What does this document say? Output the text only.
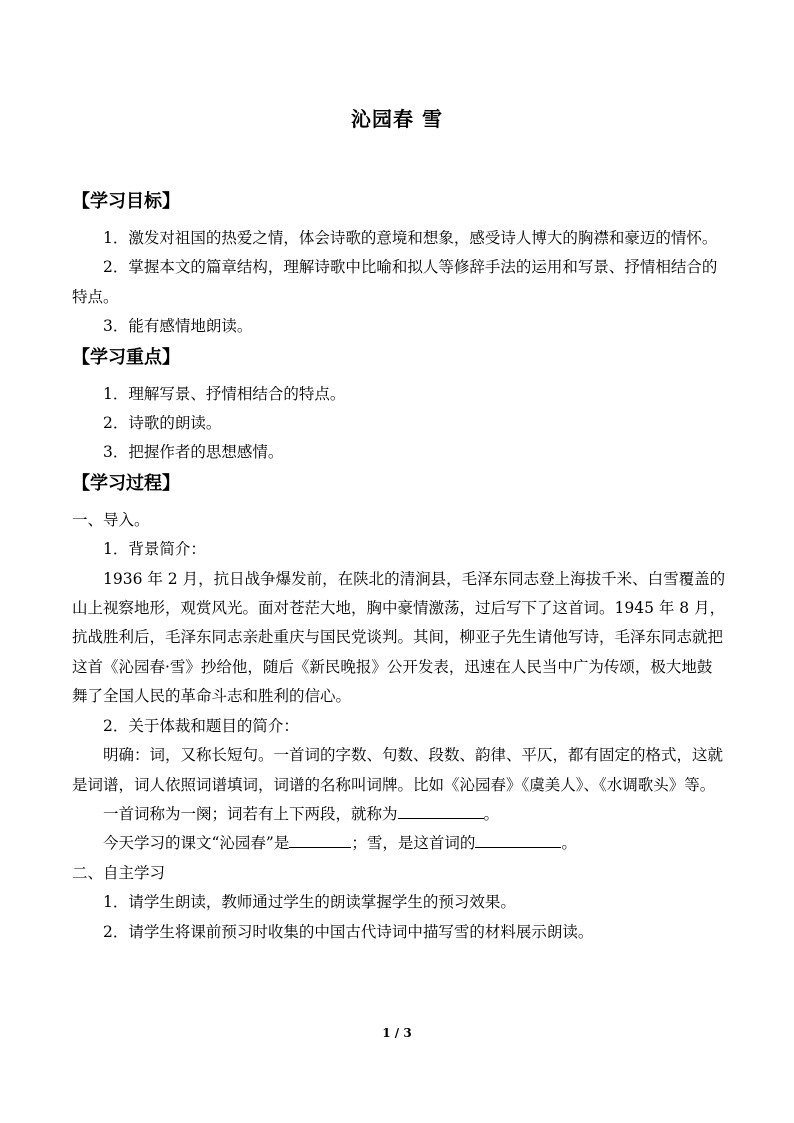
沁园春 雪

【学习目标】

1．激发对祖国的热爱之情，体会诗歌的意境和想象，感受诗人博大的胸襟和豪迈的情怀。

2．掌握本文的篇章结构，理解诗歌中比喻和拟人等修辞手法的运用和写景、抒情相结合的特点。

3．能有感情地朗读。

【学习重点】

1．理解写景、抒情相结合的特点。

2．诗歌的朗读。

3．把握作者的思想感情。

【学习过程】

一、导入。

1．背景简介：

1936 年 2 月，抗日战争爆发前，在陕北的清涧县，毛泽东同志登上海拔千米、白雪覆盖的山上视察地形，观赏风光。面对苍茫大地，胸中豪情激荡，过后写下了这首词。1945 年 8 月，抗战胜利后，毛泽东同志亲赴重庆与国民党谈判。其间，柳亚子先生请他写诗，毛泽东同志就把这首《沁园春·雪》抄给他，随后《新民晚报》公开发表，迅速在人民当中广为传颂，极大地鼓舞了全国人民的革命斗志和胜利的信心。

2．关于体裁和题目的简介：

明确：词，又称长短句。一首词的字数、句数、段数、韵律、平仄，都有固定的格式，这就是词谱，词人依照词谱填词，词谱的名称叫词牌。比如《沁园春》《虞美人》、《水调歌头》等。

一首词称为一阕；词若有上下两段，就称为	。

今天学习的课文“沁园春”是	；雪，是这首词的	。

二、自主学习

1．请学生朗读，教师通过学生的朗读掌握学生的预习效果。

2．请学生将课前预习时收集的中国古代诗词中描写雪的材料展示朗读。

1 / 3
